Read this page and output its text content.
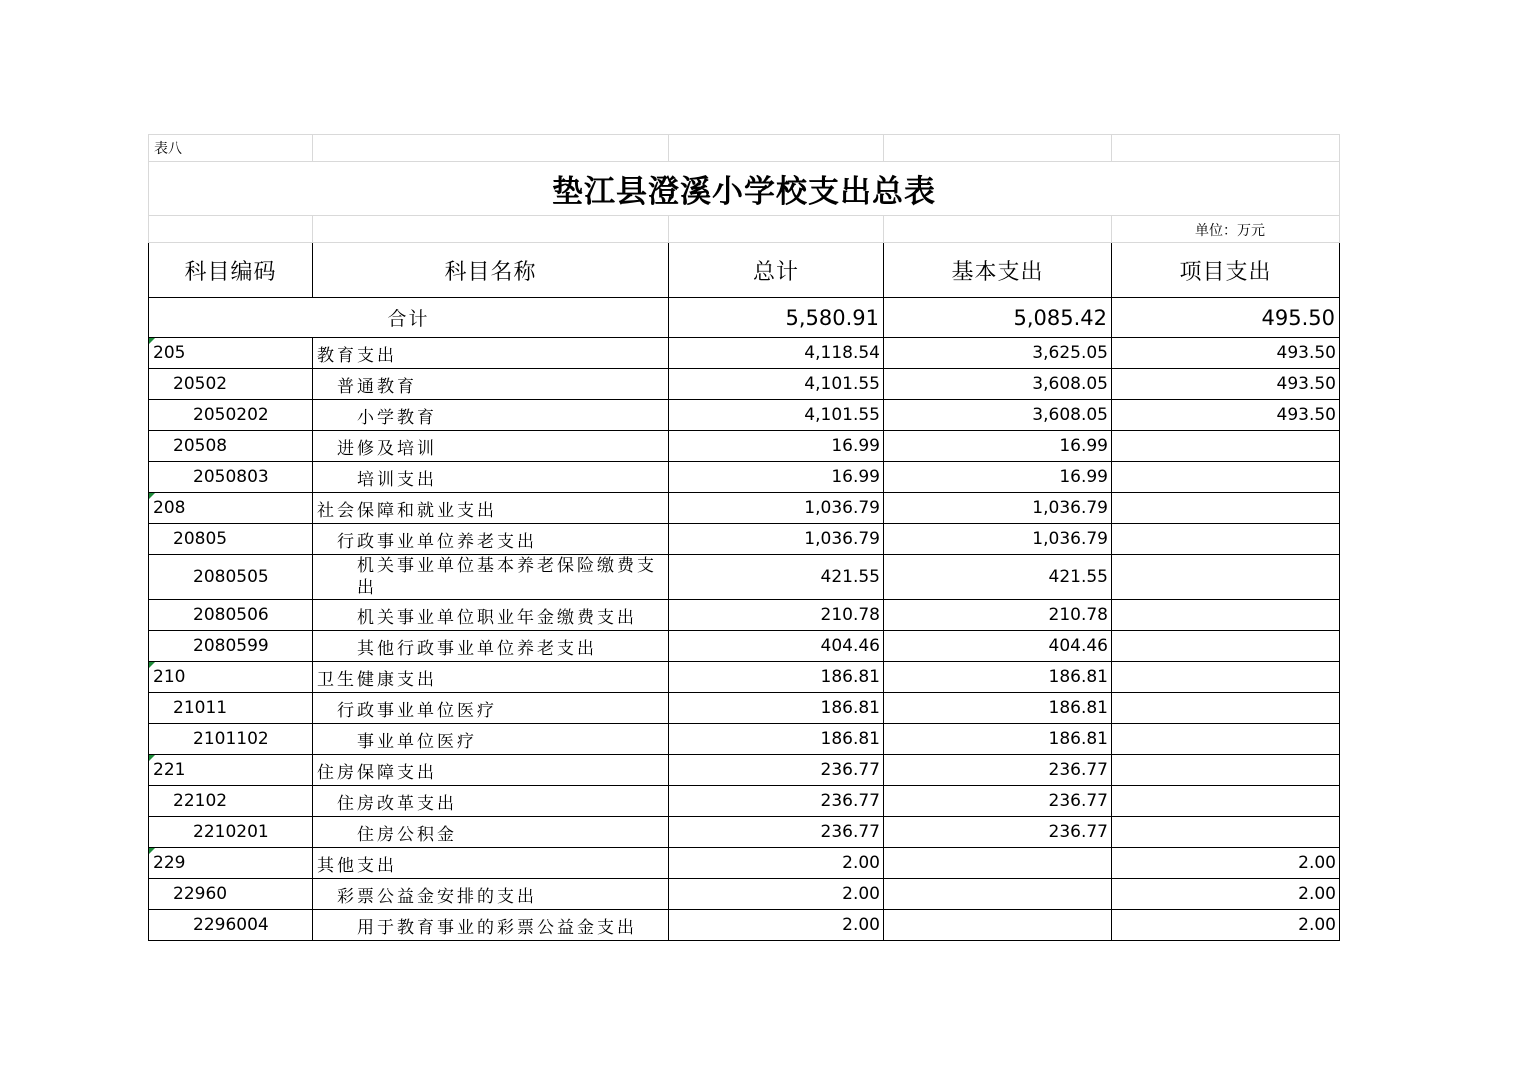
表八				
垫江县澄溪小学校支出总表				
				单位：万元
科目编码	科目名称	总计	基本支出	项目支出
合计		5,580.91	5,085.42	495.50
205	教育支出	4,118.54	3,625.05	493.50
20502	普通教育	4,101.55	3,608.05	493.50
2050202	小学教育	4,101.55	3,608.05	493.50
20508	进修及培训	16.99	16.99	
2050803	培训支出	16.99	16.99	
208	社会保障和就业支出	1,036.79	1,036.79	
20805	行政事业单位养老支出	1,036.79	1,036.79	
2080505	机关事业单位基本养老保险缴费支出	421.55	421.55	
2080506	机关事业单位职业年金缴费支出	210.78	210.78	
2080599	其他行政事业单位养老支出	404.46	404.46	
210	卫生健康支出	186.81	186.81	
21011	行政事业单位医疗	186.81	186.81	
2101102	事业单位医疗	186.81	186.81	
221	住房保障支出	236.77	236.77	
22102	住房改革支出	236.77	236.77	
2210201	住房公积金	236.77	236.77	
229	其他支出	2.00		2.00
22960	彩票公益金安排的支出	2.00		2.00
2296004	用于教育事业的彩票公益金支出	2.00		2.00
